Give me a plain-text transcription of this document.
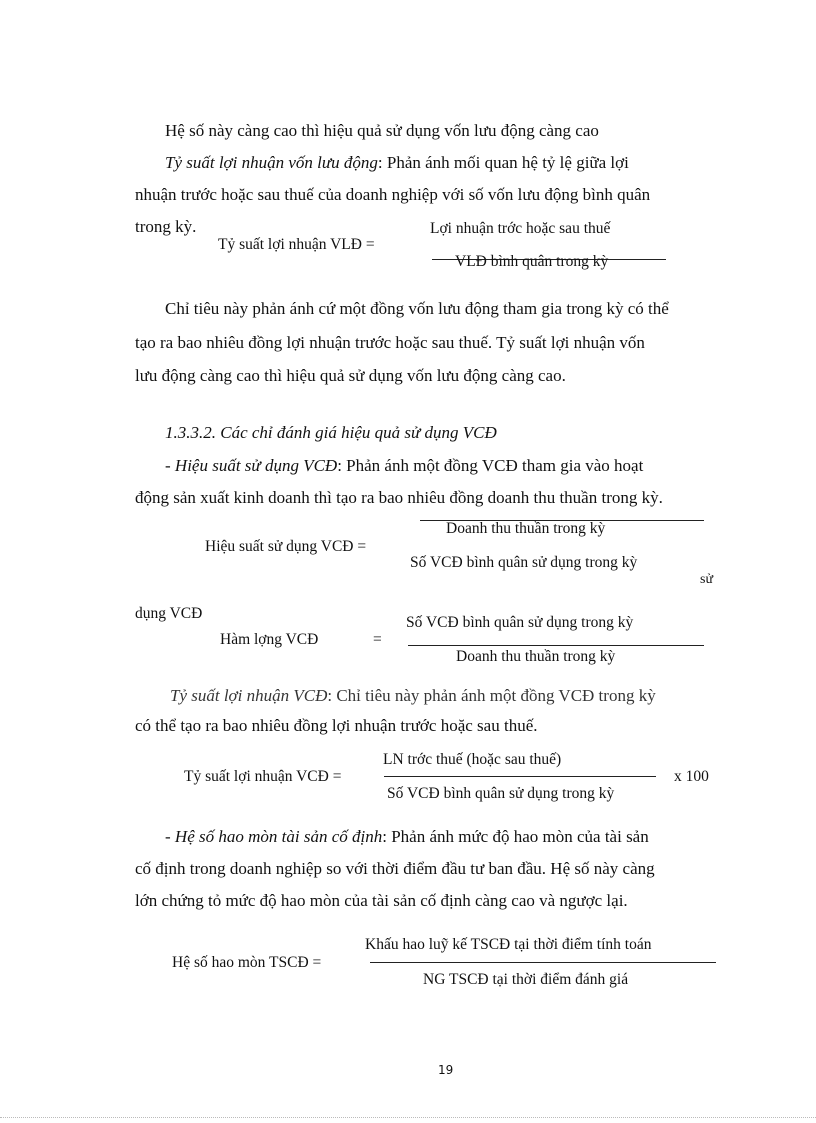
Hệ số này càng cao thì hiệu quả sử dụng vốn lưu động càng cao
Tỷ suất lợi nhuận vốn lưu động: Phản ánh mối quan hệ tỷ lệ giữa lợi
nhuận trước hoặc sau thuế của doanh nghiệp với số vốn lưu động bình quân
trong kỳ.
Tỷ suất lợi nhuận VLĐ =
Lợi nhuận trớc hoặc sau thuế
VLĐ bình quân trong kỳ
Chỉ tiêu này phản ánh cứ một đồng vốn lưu động tham gia trong kỳ có thể
tạo ra bao nhiêu đồng lợi nhuận trước hoặc sau thuế. Tỷ suất lợi nhuận vốn
lưu động càng cao thì hiệu quả sử dụng vốn lưu động càng cao.
1.3.3.2. Các chỉ đánh giá hiệu quả sử dụng VCĐ
- Hiệu suất sử dụng VCĐ: Phản ánh một đồng VCĐ tham gia vào hoạt
động sản xuất kinh doanh thì tạo ra bao nhiêu đồng doanh thu thuần trong kỳ.
Doanh thu thuần trong kỳ
Hiệu suất sử dụng VCĐ =
Số VCĐ bình quân sử dụng trong kỳ
sử
dụng VCĐ
Số VCĐ bình quân sử dụng trong kỳ
Hàm lợng VCĐ	=
Doanh thu thuần trong kỳ
Tỷ suất lợi nhuận VCĐ: Chỉ tiêu này phản ánh một đồng VCĐ trong kỳ
có thể tạo ra bao nhiêu đồng lợi nhuận trước hoặc sau thuế.
LN trớc thuế (hoặc sau thuế)
Tỷ suất lợi nhuận VCĐ =	x 100
Số VCĐ bình quân sử dụng trong kỳ
- Hệ số hao mòn tài sản cố định: Phản ánh mức độ hao mòn của tài sản
cố định trong doanh nghiệp so với thời điểm đầu tư ban đầu. Hệ số này càng
lớn chứng tỏ mức độ hao mòn của tài sản cố định càng cao và ngược lại.
Khấu hao luỹ kế TSCĐ tại thời điểm tính toán
Hệ số hao mòn TSCĐ =
NG TSCĐ tại thời điểm đánh giá
19
